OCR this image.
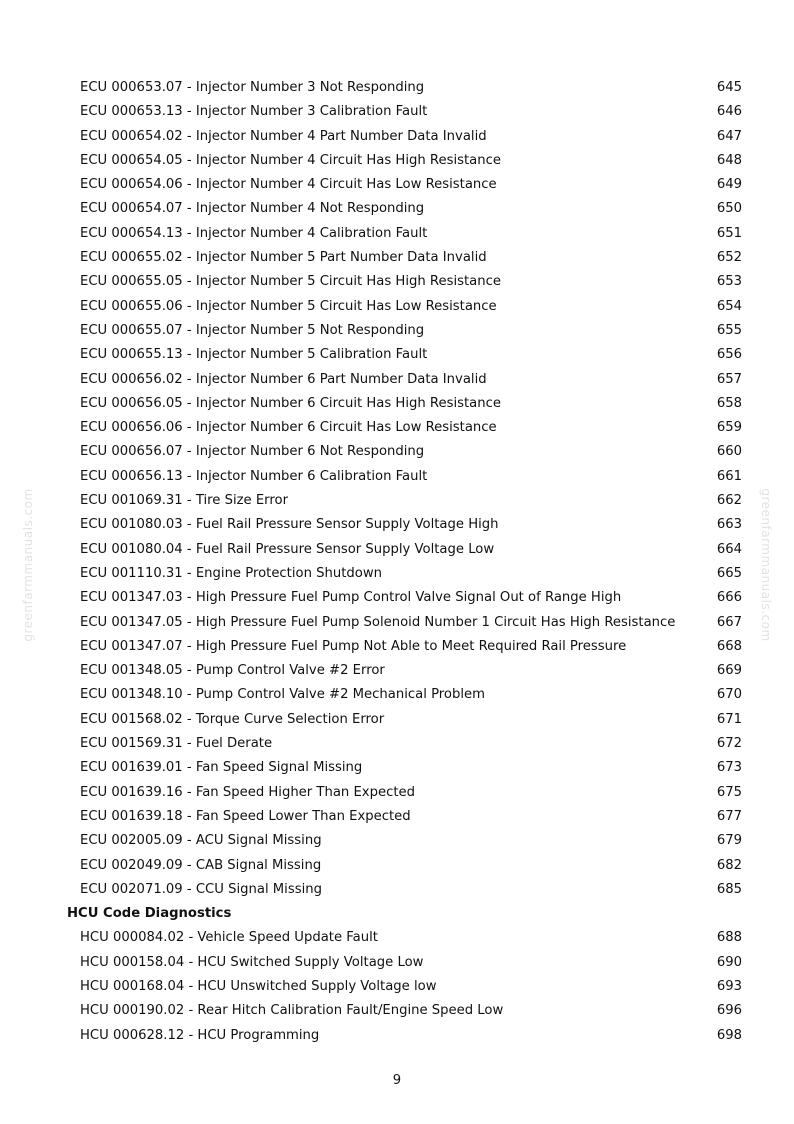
greenfarmmanuals.com	greenfarmmanuals.com
ECU 000653.07 - Injector Number 3 Not Responding	645
ECU 000653.13 - Injector Number 3 Calibration Fault	646
ECU 000654.02 - Injector Number 4 Part Number Data Invalid	647
ECU 000654.05 - Injector Number 4 Circuit Has High Resistance	648
ECU 000654.06 - Injector Number 4 Circuit Has Low Resistance	649
ECU 000654.07 - Injector Number 4 Not Responding	650
ECU 000654.13 - Injector Number 4 Calibration Fault	651
ECU 000655.02 - Injector Number 5 Part Number Data Invalid	652
ECU 000655.05 - Injector Number 5 Circuit Has High Resistance	653
ECU 000655.06 - Injector Number 5 Circuit Has Low Resistance	654
ECU 000655.07 - Injector Number 5 Not Responding	655
ECU 000655.13 - Injector Number 5 Calibration Fault	656
ECU 000656.02 - Injector Number 6 Part Number Data Invalid	657
ECU 000656.05 - Injector Number 6 Circuit Has High Resistance	658
ECU 000656.06 - Injector Number 6 Circuit Has Low Resistance	659
ECU 000656.07 - Injector Number 6 Not Responding	660
ECU 000656.13 - Injector Number 6 Calibration Fault	661
ECU 001069.31 - Tire Size Error	662
ECU 001080.03 - Fuel Rail Pressure Sensor Supply Voltage High	663
ECU 001080.04 - Fuel Rail Pressure Sensor Supply Voltage Low	664
ECU 001110.31 - Engine Protection Shutdown	665
ECU 001347.03 - High Pressure Fuel Pump Control Valve Signal Out of Range High	666
ECU 001347.05 - High Pressure Fuel Pump Solenoid Number 1 Circuit Has High Resistance	667
ECU 001347.07 - High Pressure Fuel Pump Not Able to Meet Required Rail Pressure	668
ECU 001348.05 - Pump Control Valve #2 Error	669
ECU 001348.10 - Pump Control Valve #2 Mechanical Problem	670
ECU 001568.02 - Torque Curve Selection Error	671
ECU 001569.31 - Fuel Derate	672
ECU 001639.01 - Fan Speed Signal Missing	673
ECU 001639.16 - Fan Speed Higher Than Expected	675
ECU 001639.18 - Fan Speed Lower Than Expected	677
ECU 002005.09 - ACU Signal Missing	679
ECU 002049.09 - CAB Signal Missing	682
ECU 002071.09 - CCU Signal Missing	685
HCU Code Diagnostics
HCU 000084.02 - Vehicle Speed Update Fault	688
HCU 000158.04 - HCU Switched Supply Voltage Low	690
HCU 000168.04 - HCU Unswitched Supply Voltage low	693
HCU 000190.02 - Rear Hitch Calibration Fault/Engine Speed Low	696
HCU 000628.12 - HCU Programming	698
9
